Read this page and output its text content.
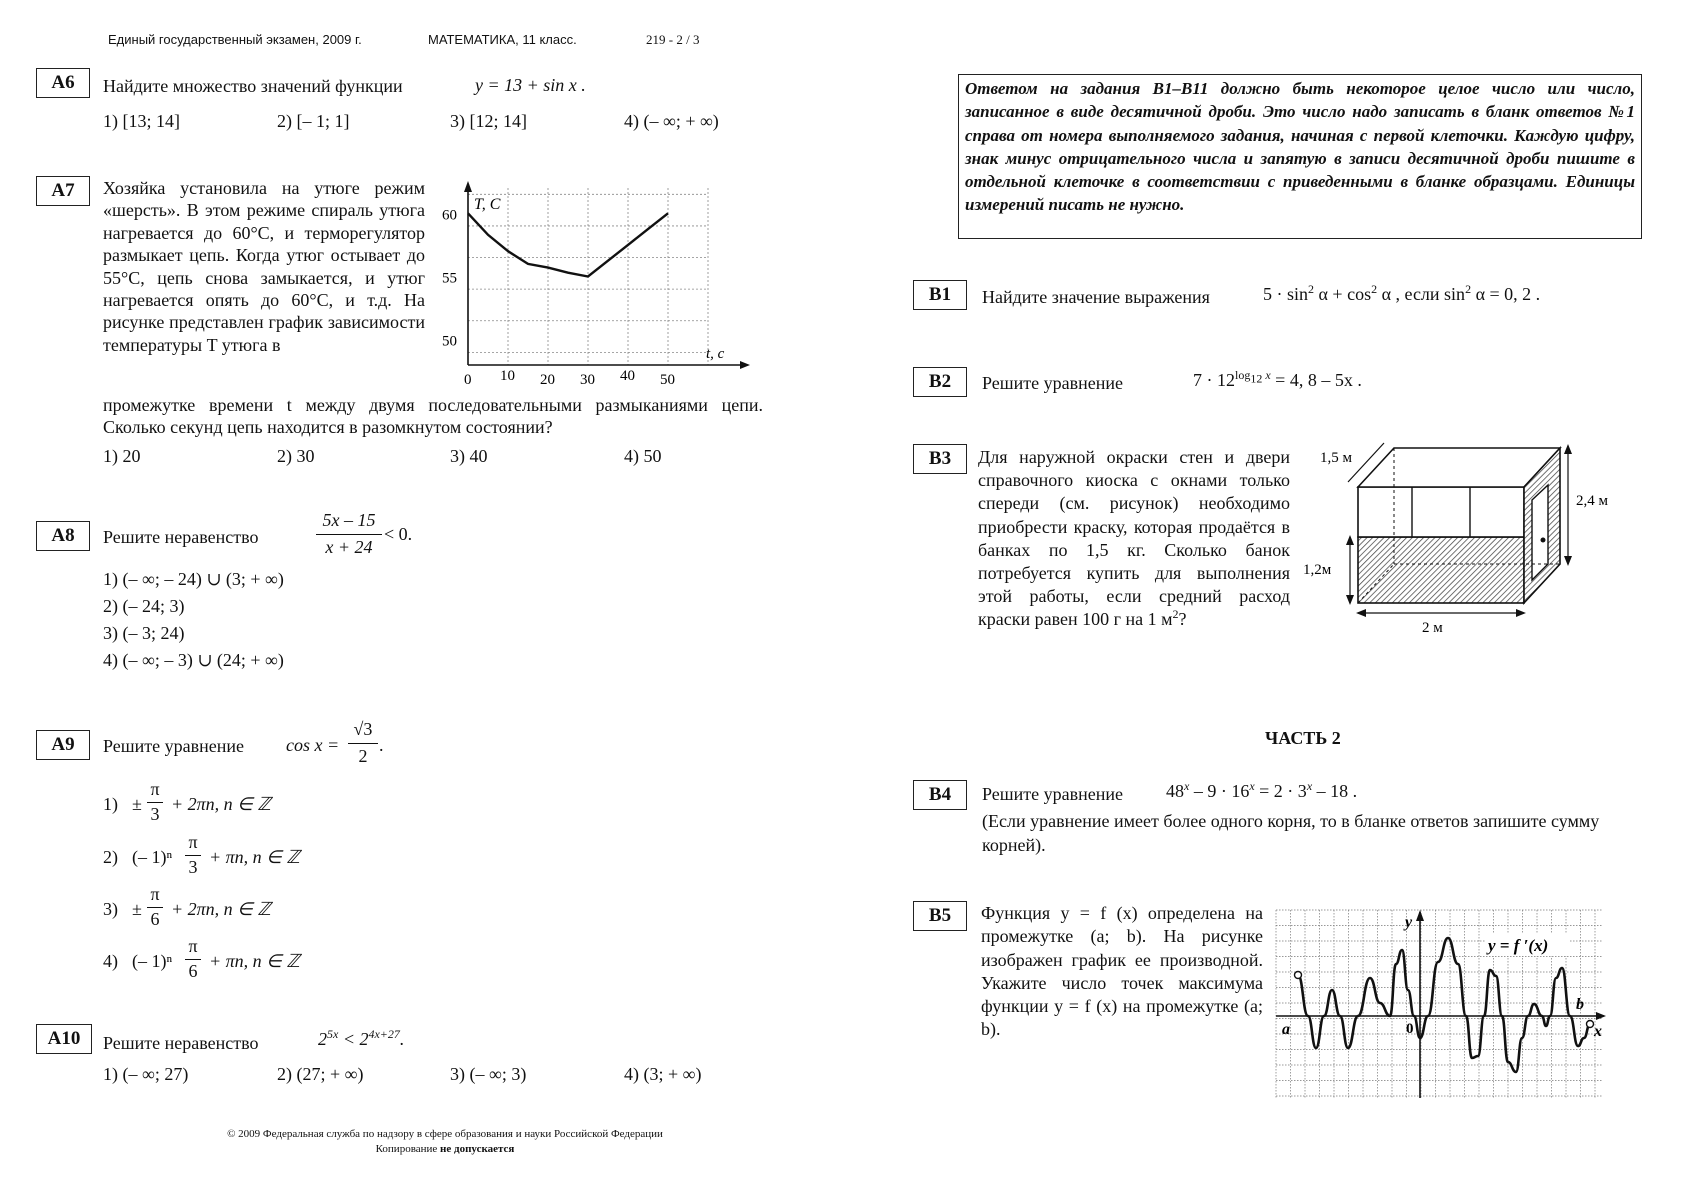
Единый государственный экзамен, 2009 г.	МАТЕМАТИКА, 11 класс.	219 - 2 / 3
А6	Найдите множество значений функции	y = 13 + sin x .
1) [13; 14]	2) [– 1; 1]	3) [12; 14]	4) (– ∞; + ∞)
А7	Хозяйка установила на утюге режим «шерсть». В этом режиме спираль утюга нагревается до 60°С, и терморегулятор размыкает цепь. Когда утюг остывает до 55°С, цепь снова замыкается, и утюг нагревается опять до 60°С, и т.д. На рисунке представлен график зависимости температуры T утюга в
промежутке времени t между двумя последовательными размыканиями цепи. Сколько секунд цепь находится в разомкнутом состоянии?
1) 20	2) 30	3) 40	4) 50
T, C
t, c
60
55
50
0 10 20 30 40 50
А8	Решите неравенство
5x – 15
x + 24
< 0.
1) (– ∞; – 24) ∪ (3; + ∞)
2) (– 24; 3)
3) (– 3; 24)
4) (– ∞; – 3) ∪ (24; + ∞)
А9	Решите уравнение cos x =
√3
2
.
1) ±
π
3 + 2πn, n ∈ ℤ
2) (– 1)ⁿ
π
3 + πn, n ∈ ℤ
3) ±
π
6 + 2πn, n ∈ ℤ
4) (– 1)ⁿ
π
6 + πn, n ∈ ℤ
А10	Решите неравенство	$2^{5x} < 2^{4x+27}$.
1) (– ∞; 27)	2) (27; + ∞)	3) (– ∞; 3)	4) (3; + ∞)
© 2009 Федеральная служба по надзору в сфере образования и науки Российской Федерации
Копирование не допускается
Ответом на задания В1–В11 должно быть некоторое целое число или число, записанное в виде десятичной дроби. Это число надо записать в бланк ответов №1 справа от номера выполняемого задания, начиная с первой клеточки. Каждую цифру, знак минус отрицательного числа и запятую в записи десятичной дроби пишите в отдельной клеточке в соответствии с приведенными в бланке образцами. Единицы измерений писать не нужно.
В1	Найдите значение выражения	$5 \cdot \sin^2 \alpha + \cos^2 \alpha$ , если $\sin^2 \alpha = 0$, 2 .
В2	Решите уравнение	$7 \cdot 12^{log_{12} x} = 4$, 8 – 5x .
В3	Для наружной окраски стен и двери справочного киоска с окнами только спереди (см. рисунок) необходимо приобрести краску, которая продаётся в банках по 1,5 кг. Сколько банок потребуется купить для выполнения этой работы, если средний расход краски равен 100 г на 1 $м^2$?
1,5 м
2,4 м
1,2м
2 м
ЧАСТЬ 2
В4	Решите уравнение $48^x - 9 \cdot 16^x = 2 \cdot 3^x - 18$ .
(Если уравнение имеет более одного корня, то в бланке ответов запишите сумму корней).
В5	Функция y = f (x) определена на промежутке (a; b). На рисунке изображен график ее производной. Укажите число точек максимума функции y = f (x) на промежутке (a; b).
y
x
a
b
0
y = f ′(x)
